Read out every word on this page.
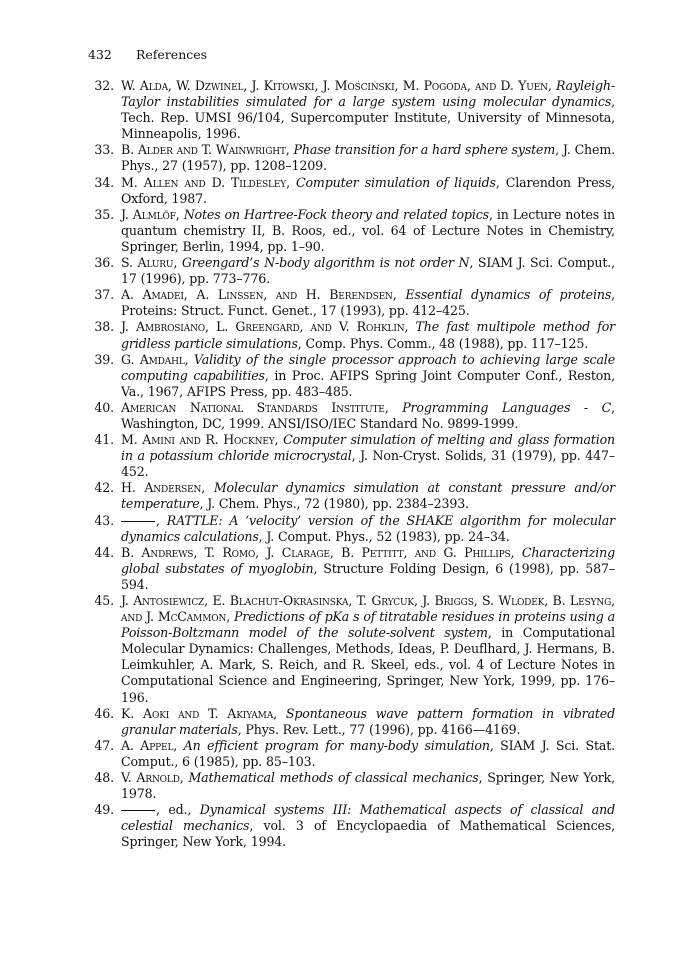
432 References
32. W. Alda, W. Dzwinel, J. Kitowski, J. Mościński, M. Pogoda, and D. Yuen, Rayleigh-Taylor instabilities simulated for a large system using molecular dynamics, Tech. Rep. UMSI 96/104, Supercomputer Institute, University of Minnesota, Minneapolis, 1996.
33. B. Alder and T. Wainwright, Phase transition for a hard sphere system, J. Chem. Phys., 27 (1957), pp. 1208–1209.
34. M. Allen and D. Tildesley, Computer simulation of liquids, Clarendon Press, Oxford, 1987.
35. J. Almlöf, Notes on Hartree-Fock theory and related topics, in Lecture notes in quantum chemistry II, B. Roos, ed., vol. 64 of Lecture Notes in Chemistry, Springer, Berlin, 1994, pp. 1–90.
36. S. Aluru, Greengard’s N-body algorithm is not order N, SIAM J. Sci. Comput., 17 (1996), pp. 773–776.
37. A. Amadei, A. Linssen, and H. Berendsen, Essential dynamics of proteins, Proteins: Struct. Funct. Genet., 17 (1993), pp. 412–425.
38. J. Ambrosiano, L. Greengard, and V. Rohklin, The fast multipole method for gridless particle simulations, Comp. Phys. Comm., 48 (1988), pp. 117–125.
39. G. Amdahl, Validity of the single processor approach to achieving large scale computing capabilities, in Proc. AFIPS Spring Joint Computer Conf., Reston, Va., 1967, AFIPS Press, pp. 483–485.
40. American National Standards Institute, Programming Languages - C, Washington, DC, 1999. ANSI/ISO/IEC Standard No. 9899-1999.
41. M. Amini and R. Hockney, Computer simulation of melting and glass formation in a potassium chloride microcrystal, J. Non-Cryst. Solids, 31 (1979), pp. 447–452.
42. H. Andersen, Molecular dynamics simulation at constant pressure and/or temperature, J. Chem. Phys., 72 (1980), pp. 2384–2393.
43.	, RATTLE: A ‘velocity’ version of the SHAKE algorithm for molecular dynamics calculations, J. Comput. Phys., 52 (1983), pp. 24–34.
44. B. Andrews, T. Romo, J. Clarage, B. Pettitt, and G. Phillips, Characterizing global substates of myoglobin, Structure Folding Design, 6 (1998), pp. 587–594.
45. J. Antosiewicz, E. Blachut-Okrasinska, T. Grycuk, J. Briggs, S. Wlodek, B. Lesyng, and J. McCammon, Predictions of pKa s of titratable residues in proteins using a Poisson-Boltzmann model of the solute-solvent system, in Computational Molecular Dynamics: Challenges, Methods, Ideas, P. Deuflhard, J. Hermans, B. Leimkuhler, A. Mark, S. Reich, and R. Skeel, eds., vol. 4 of Lecture Notes in Computational Science and Engineering, Springer, New York, 1999, pp. 176–196.
46. K. Aoki and T. Akiyama, Spontaneous wave pattern formation in vibrated granular materials, Phys. Rev. Lett., 77 (1996), pp. 4166—4169.
47. A. Appel, An efficient program for many-body simulation, SIAM J. Sci. Stat. Comput., 6 (1985), pp. 85–103.
48. V. Arnold, Mathematical methods of classical mechanics, Springer, New York, 1978.
49.	, ed., Dynamical systems III: Mathematical aspects of classical and celestial mechanics, vol. 3 of Encyclopaedia of Mathematical Sciences, Springer, New York, 1994.
